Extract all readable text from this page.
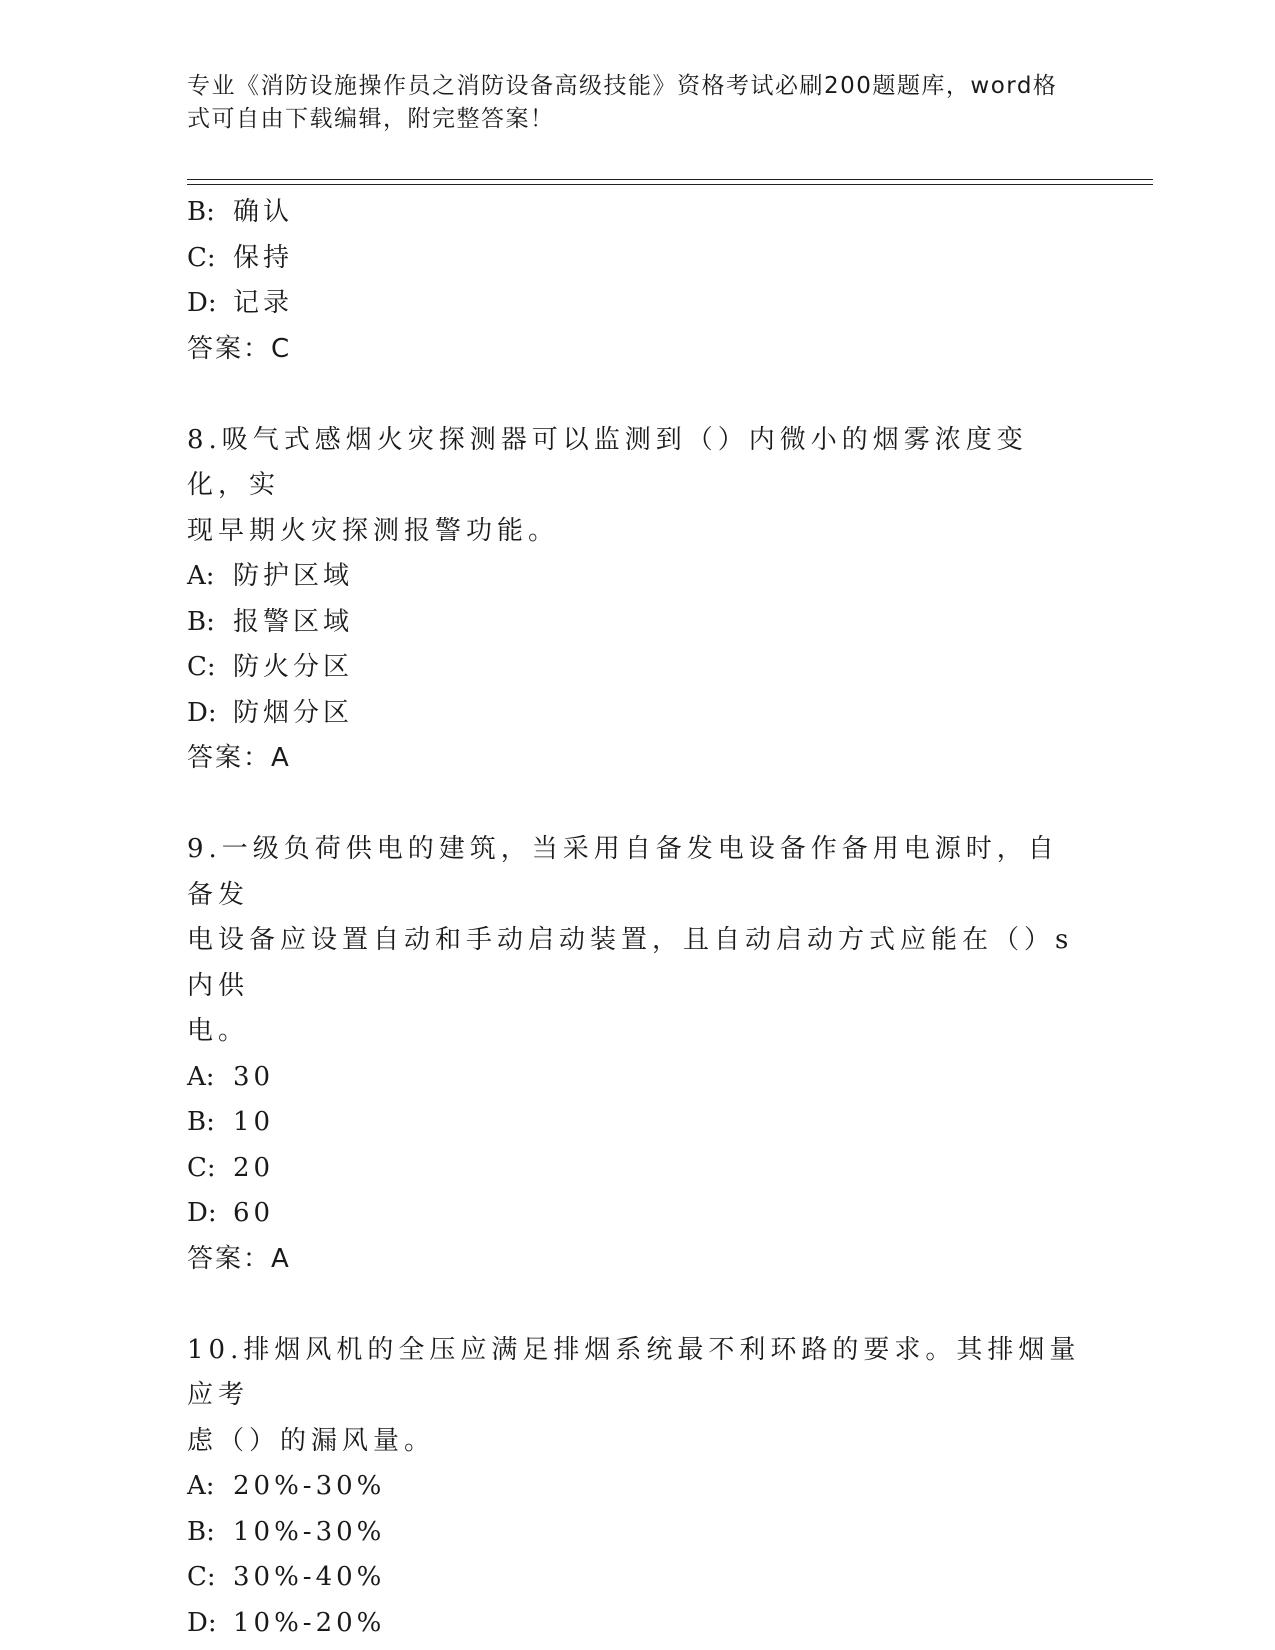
专业《消防设施操作员之消防设备高级技能》资格考试必刷200题题库，word格式可自由下载编辑，附完整答案！
B: 确认
C: 保持
D: 记录
答案：C
8.吸气式感烟火灾探测器可以监测到（）内微小的烟雾浓度变化，实
现早期火灾探测报警功能。
A: 防护区域
B: 报警区域
C: 防火分区
D: 防烟分区
答案：A
9.一级负荷供电的建筑，当采用自备发电设备作备用电源时，自备发
电设备应设置自动和手动启动装置，且自动启动方式应能在（）s内供
电。
A: 30
B: 10
C: 20
D: 60
答案：A
10.排烟风机的全压应满足排烟系统最不利环路的要求。其排烟量应考
虑（）的漏风量。
A: 20%-30%
B: 10%-30%
C: 30%-40%
D: 10%-20%
